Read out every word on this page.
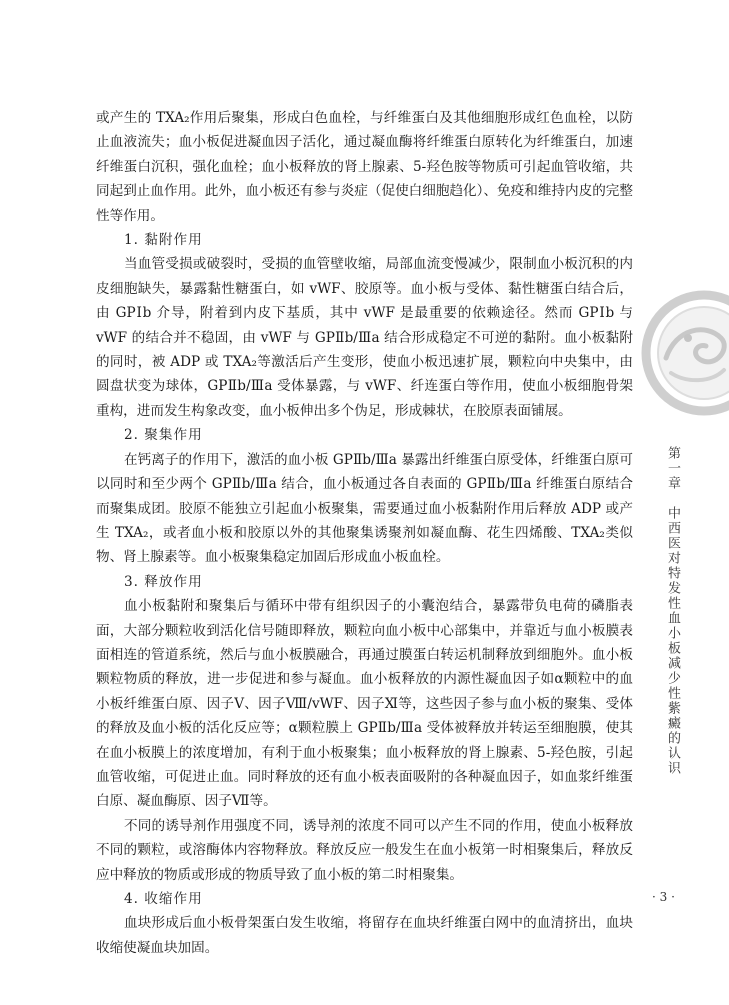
或产生的 TXA₂作用后聚集，形成白色血栓，与纤维蛋白及其他细胞形成红色血栓，以防止血液流失；血小板促进凝血因子活化，通过凝血酶将纤维蛋白原转化为纤维蛋白，加速纤维蛋白沉积，强化血栓；血小板释放的肾上腺素、5-羟色胺等物质可引起血管收缩，共同起到止血作用。此外，血小板还有参与炎症（促使白细胞趋化）、免疫和维持内皮的完整性等作用。

1. 黏附作用

当血管受损或破裂时，受损的血管壁收缩，局部血流变慢减少，限制血小板沉积的内皮细胞缺失，暴露黏性糖蛋白，如 vWF、胶原等。血小板与受体、黏性糖蛋白结合后，由 GPⅠb 介导，附着到内皮下基质，其中 vWF 是最重要的依赖途径。然而 GPⅠb 与 vWF 的结合并不稳固，由 vWF 与 GPⅡb/Ⅲa 结合形成稳定不可逆的黏附。血小板黏附的同时，被 ADP 或 TXA₂等激活后产生变形，使血小板迅速扩展，颗粒向中央集中，由圆盘状变为球体，GPⅡb/Ⅲa 受体暴露，与 vWF、纤连蛋白等作用，使血小板细胞骨架重构，进而发生构象改变，血小板伸出多个伪足，形成棘状，在胶原表面铺展。

2. 聚集作用

在钙离子的作用下，激活的血小板 GPⅡb/Ⅲa 暴露出纤维蛋白原受体，纤维蛋白原可以同时和至少两个 GPⅡb/Ⅲa 结合，血小板通过各自表面的 GPⅡb/Ⅲa 纤维蛋白原结合而聚集成团。胶原不能独立引起血小板聚集，需要通过血小板黏附作用后释放 ADP 或产生 TXA₂，或者血小板和胶原以外的其他聚集诱聚剂如凝血酶、花生四烯酸、TXA₂类似物、肾上腺素等。血小板聚集稳定加固后形成血小板血栓。

3. 释放作用

血小板黏附和聚集后与循环中带有组织因子的小囊泡结合，暴露带负电荷的磷脂表面，大部分颗粒收到活化信号随即释放，颗粒向血小板中心部集中，并靠近与血小板膜表面相连的管道系统，然后与血小板膜融合，再通过膜蛋白转运机制释放到细胞外。血小板颗粒物质的释放，进一步促进和参与凝血。血小板释放的内源性凝血因子如α颗粒中的血小板纤维蛋白原、因子Ⅴ、因子Ⅷ/vWF、因子Ⅺ等，这些因子参与血小板的聚集、受体的释放及血小板的活化反应等；α颗粒膜上 GPⅡb/Ⅲa 受体被释放并转运至细胞膜，使其在血小板膜上的浓度增加，有利于血小板聚集；血小板释放的肾上腺素、5-羟色胺，引起血管收缩，可促进止血。同时释放的还有血小板表面吸附的各种凝血因子，如血浆纤维蛋白原、凝血酶原、因子Ⅶ等。

不同的诱导剂作用强度不同，诱导剂的浓度不同可以产生不同的作用，使血小板释放不同的颗粒，或溶酶体内容物释放。释放反应一般发生在血小板第一时相聚集后，释放反应中释放的物质或形成的物质导致了血小板的第二时相聚集。

4. 收缩作用

血块形成后血小板骨架蛋白发生收缩，将留存在血块纤维蛋白网中的血清挤出，血块收缩使凝血块加固。

第一章　中西医对特发性血小板减少性紫癜的认识
· 3 ·
